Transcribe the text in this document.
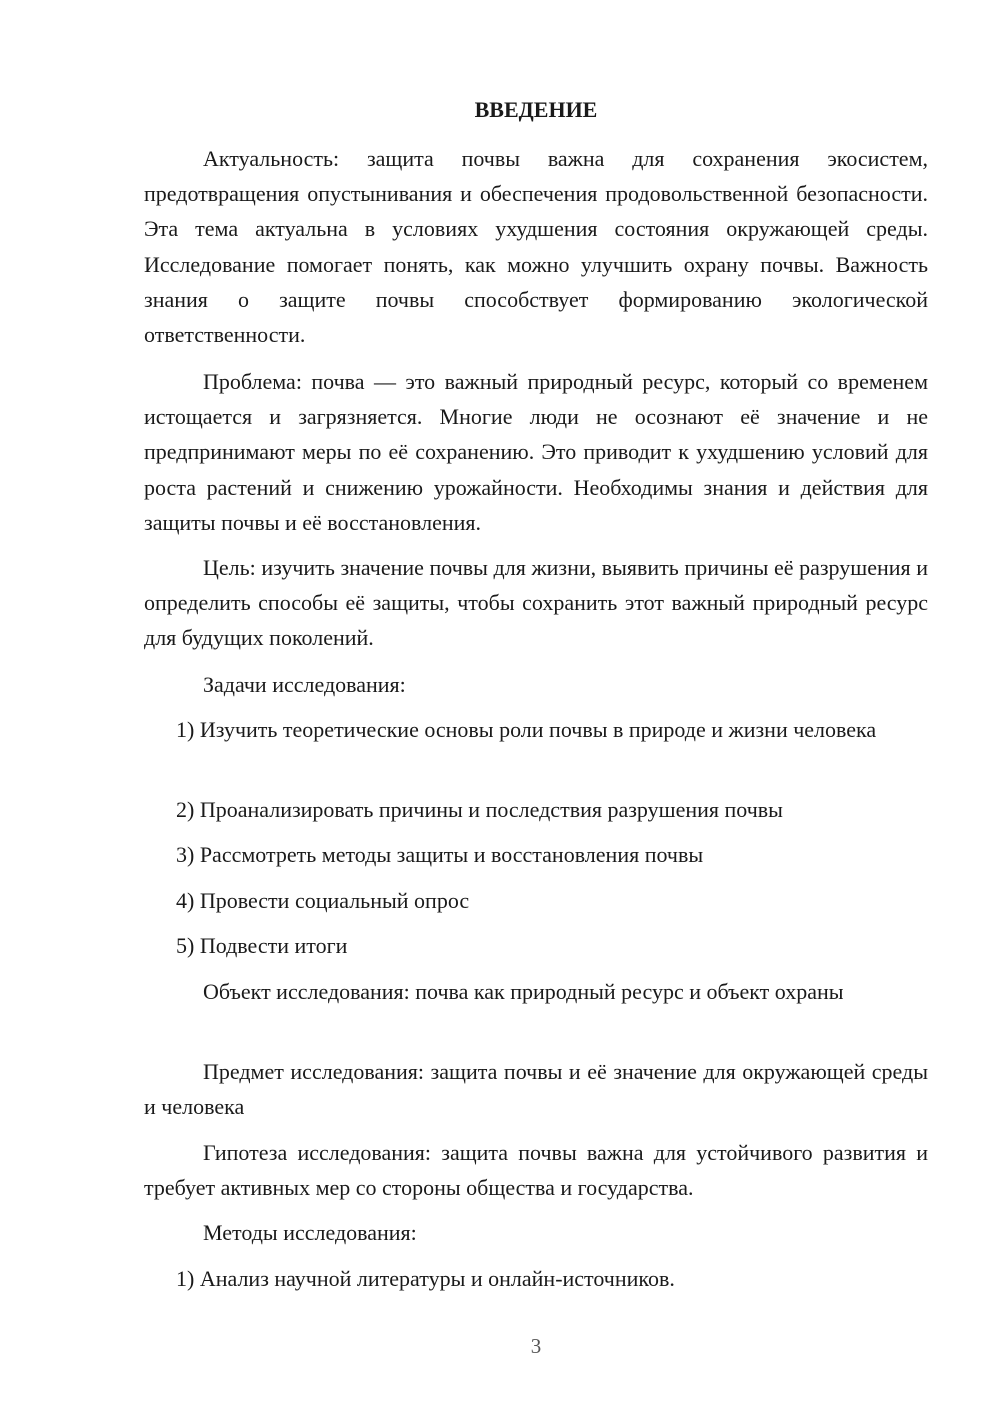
ВВЕДЕНИЕ

Актуальность: защита почвы важна для сохранения экосистем, предотвращения опустынивания и обеспечения продовольственной безопасности. Эта тема актуальна в условиях ухудшения состояния окружающей среды. Исследование помогает понять, как можно улучшить охрану почвы. Важность знания о защите почвы способствует формированию экологической ответственности.

Проблема: почва — это важный природный ресурс, который со временем истощается и загрязняется. Многие люди не осознают её значение и не предпринимают меры по её сохранению. Это приводит к ухудшению условий для роста растений и снижению урожайности. Необходимы знания и действия для защиты почвы и её восстановления.

Цель: изучить значение почвы для жизни, выявить причины её разрушения и определить способы её защиты, чтобы сохранить этот важный природный ресурс для будущих поколений.

Задачи исследования:

1) Изучить теоретические основы роли почвы в природе и жизни человека

2) Проанализировать причины и последствия разрушения почвы

3) Рассмотреть методы защиты и восстановления почвы

4) Провести социальный опрос

5) Подвести итоги

Объект исследования: почва как природный ресурс и объект охраны

Предмет исследования: защита почвы и её значение для окружающей среды и человека

Гипотеза исследования: защита почвы важна для устойчивого развития и требует активных мер со стороны общества и государства.

Методы исследования:

1) Анализ научной литературы и онлайн-источников.

3
